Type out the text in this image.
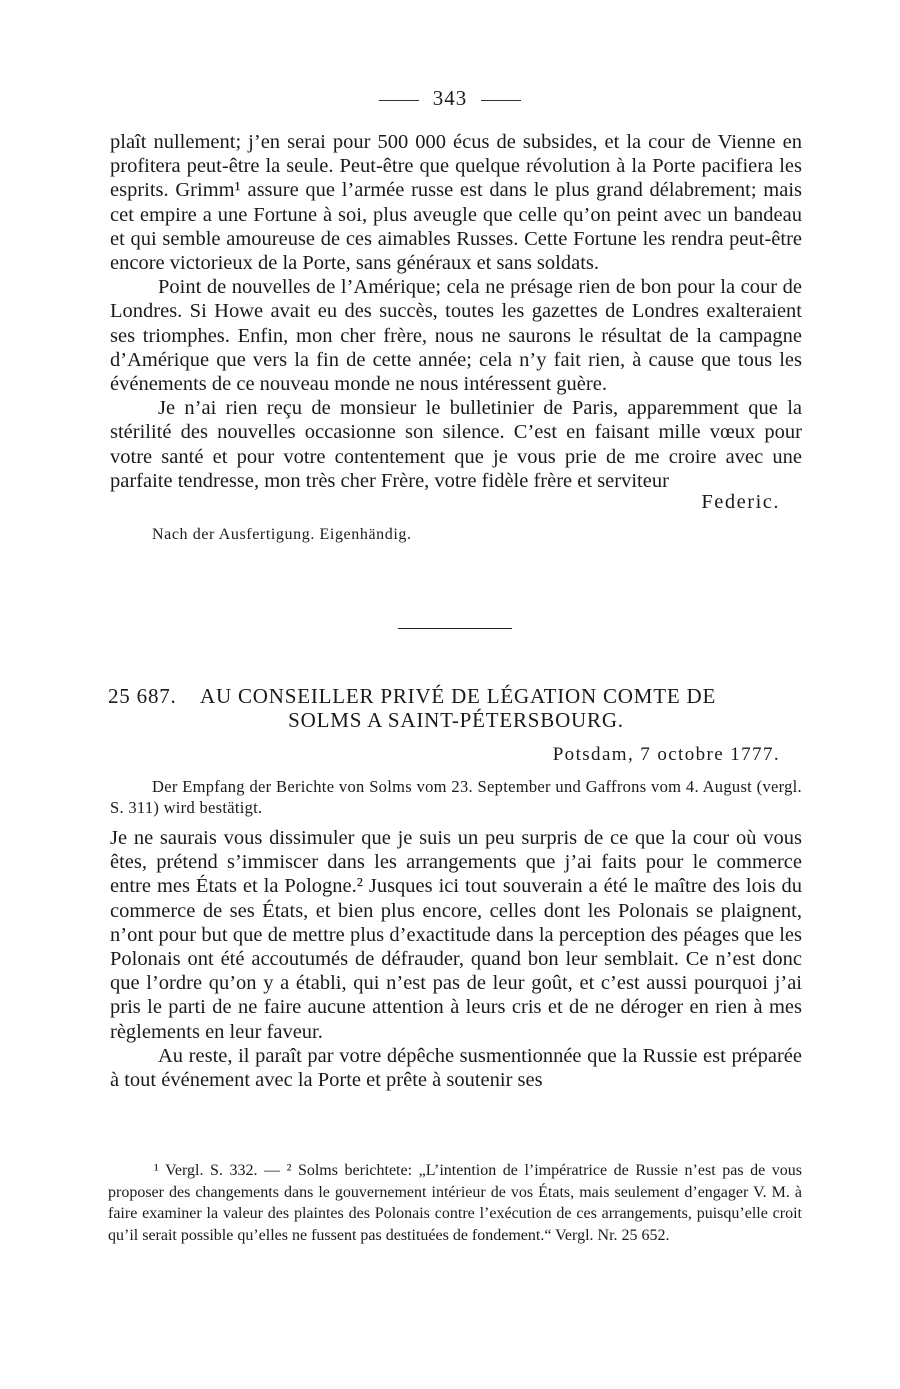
343

plaît nullement; j’en serai pour 500 000 écus de subsides, et la cour de Vienne en profitera peut-être la seule. Peut-être que quelque révolution à la Porte pacifiera les esprits. Grimm¹ assure que l’armée russe est dans le plus grand délabrement; mais cet empire a une Fortune à soi, plus aveugle que celle qu’on peint avec un bandeau et qui semble amoureuse de ces aimables Russes. Cette Fortune les rendra peut-être encore victorieux de la Porte, sans généraux et sans soldats.

Point de nouvelles de l’Amérique; cela ne présage rien de bon pour la cour de Londres. Si Howe avait eu des succès, toutes les gazettes de Londres exalteraient ses triomphes. Enfin, mon cher frère, nous ne saurons le résultat de la campagne d’Amérique que vers la fin de cette année; cela n’y fait rien, à cause que tous les événements de ce nouveau monde ne nous intéressent guère.

Je n’ai rien reçu de monsieur le bulletinier de Paris, apparemment que la stérilité des nouvelles occasionne son silence. C’est en faisant mille vœux pour votre santé et pour votre contentement que je vous prie de me croire avec une parfaite tendresse, mon très cher Frère, votre fidèle frère et serviteur

Federic.
Nach der Ausfertigung. Eigenhändig.
25 687. AU CONSEILLER PRIVÉ DE LÉGATION COMTE DE
SOLMS A SAINT-PÉTERSBOURG.
Potsdam, 7 octobre 1777.
Der Empfang der Berichte von Solms vom 23. September und Gaffrons vom 4. August (vergl. S. 311) wird bestätigt.

Je ne saurais vous dissimuler que je suis un peu surpris de ce que la cour où vous êtes, prétend s’immiscer dans les arrangements que j’ai faits pour le commerce entre mes États et la Pologne.² Jusques ici tout souverain a été le maître des lois du commerce de ses États, et bien plus encore, celles dont les Polonais se plaignent, n’ont pour but que de mettre plus d’exactitude dans la perception des péages que les Polonais ont été accoutumés de défrauder, quand bon leur semblait. Ce n’est donc que l’ordre qu’on y a établi, qui n’est pas de leur goût, et c’est aussi pourquoi j’ai pris le parti de ne faire aucune attention à leurs cris et de ne déroger en rien à mes règlements en leur faveur.

Au reste, il paraît par votre dépêche susmentionnée que la Russie est préparée à tout événement avec la Porte et prête à soutenir ses

¹ Vergl. S. 332. — ² Solms berichtete: „L’intention de l’impératrice de Russie n’est pas de vous proposer des changements dans le gouvernement intérieur de vos États, mais seulement d’engager V. M. à faire examiner la valeur des plaintes des Polonais contre l’exécution de ces arrangements, puisqu’elle croit qu’il serait possible qu’elles ne fussent pas destituées de fondement.“ Vergl. Nr. 25 652.
